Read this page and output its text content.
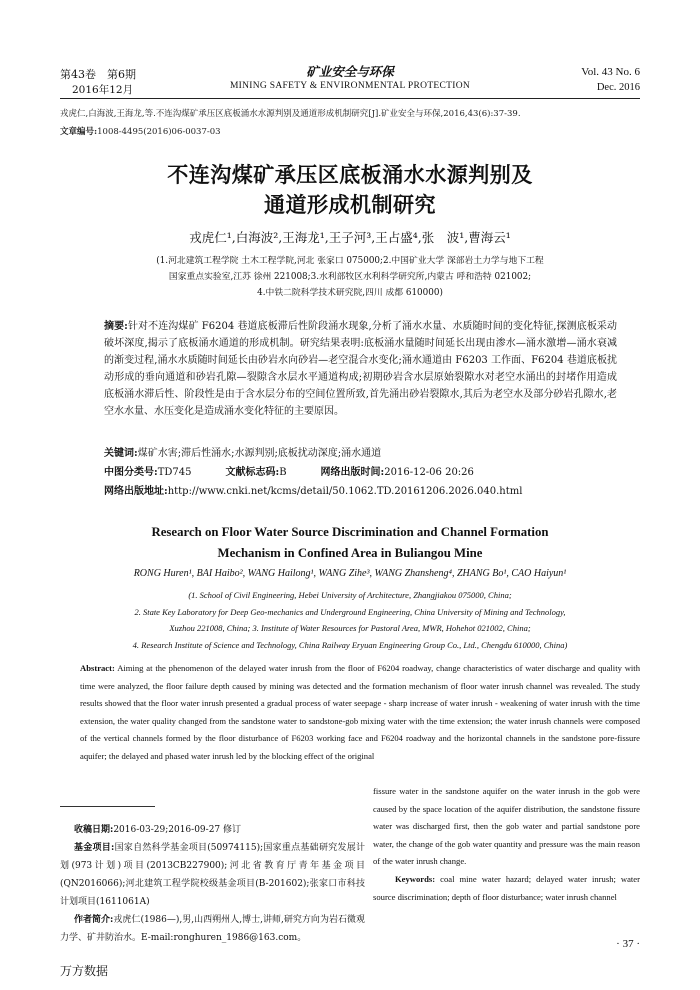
第43卷　第6期
2016年12月
矿业安全与环保
MINING SAFETY & ENVIRONMENTAL PROTECTION
Vol. 43 No. 6
Dec. 2016
戎虎仁,白海波,王海龙,等.不连沟煤矿承压区底板涌水水源判别及通道形成机制研究[J].矿业安全与环保,2016,43(6):37-39.
文章编号:1008-4495(2016)06-0037-03
不连沟煤矿承压区底板涌水水源判别及
通道形成机制研究
戎虎仁¹,白海波²,王海龙¹,王子河³,王占盛⁴,张　波¹,曹海云¹
(1.河北建筑工程学院 土木工程学院,河北 张家口 075000;2.中国矿业大学 深部岩土力学与地下工程
国家重点实验室,江苏 徐州 221008;3.水利部牧区水利科学研究所,内蒙古 呼和浩特 021002;
4.中铁二院科学技术研究院,四川 成都 610000)
摘要:针对不连沟煤矿 F6204 巷道底板滞后性阶段涌水现象,分析了涌水水量、水质随时间的变化特征,探测底板采动破坏深度,揭示了底板涌水通道的形成机制。研究结果表明:底板涌水量随时间延长出现由渗水—涌水激增—涌水衰减的渐变过程,涌水水质随时间延长由砂岩水向砂岩—老空混合水变化;涌水通道由 F6203 工作面、F6204 巷道底板扰动形成的垂向通道和砂岩孔隙—裂隙含水层水平通道构成;初期砂岩含水层原始裂隙水对老空水涌出的封堵作用造成底板涌水滞后性、阶段性是由于含水层分布的空间位置所致,首先涌出砂岩裂隙水,其后为老空水及部分砂岩孔隙水,老空水水量、水压变化是造成涌水变化特征的主要原因。
关键词:煤矿水害;滞后性涌水;水源判别;底板扰动深度;涌水通道
中图分类号:TD745	文献标志码:B	网络出版时间:2016-12-06 20:26
网络出版地址:http://www.cnki.net/kcms/detail/50.1062.TD.20161206.2026.040.html
Research on Floor Water Source Discrimination and Channel Formation
Mechanism in Confined Area in Buliangou Mine
RONG Huren¹, BAI Haibo², WANG Hailong¹, WANG Zihe³, WANG Zhansheng⁴, ZHANG Bo¹, CAO Haiyun¹
(1. School of Civil Engineering, Hebei University of Architecture, Zhangjiakou 075000, China;
2. State Key Laboratory for Deep Geo-mechanics and Underground Engineering, China University of Mining and Technology,
Xuzhou 221008, China; 3. Institute of Water Resources for Pastoral Area, MWR, Hohehot 021002, China;
4. Research Institute of Science and Technology, China Railway Eryuan Engineering Group Co., Ltd., Chengdu 610000, China)
Abstract: Aiming at the phenomenon of the delayed water inrush from the floor of F6204 roadway, change characteristics of water discharge and quality with time were analyzed, the floor failure depth caused by mining was detected and the formation mechanism of floor water inrush channel was revealed. The study results showed that the floor water inrush presented a gradual process of water seepage - sharp increase of water inrush - weakening of water inrush with the time extension, the water quality changed from the sandstone water to sandstone-gob mixing water with the time extension; the water inrush channels were composed of the vertical channels formed by the floor disturbance of F6203 working face and F6204 roadway and the horizontal channels in the sandstone pore-fissure aquifer; the delayed and phased water inrush led by the blocking effect of the original
fissure water in the sandstone aquifer on the water inrush in the gob were caused by the space location of the aquifer distribution, the sandstone fissure water was discharged first, then the gob water and partial sandstone pore water, the change of the gob water quantity and pressure was the main reason of the water inrush change.
Keywords: coal mine water hazard; delayed water inrush; water source discrimination; depth of floor disturbance; water inrush channel

收稿日期:2016-03-29;2016-09-27 修订

基金项目:国家自然科学基金项目(50974115);国家重点基础研究发展计划(973计划)项目(2013CB227900);河北省教育厅青年基金项目(QN2016066);河北建筑工程学院校级基金项目(B-201602);张家口市科技计划项目(1611061A)

作者简介:戎虎仁(1986—),男,山西朔州人,博士,讲师,研究方向为岩石微观力学、矿井防治水。E-mail:ronghuren_1986@163.com。	· 37 ·
万方数据
